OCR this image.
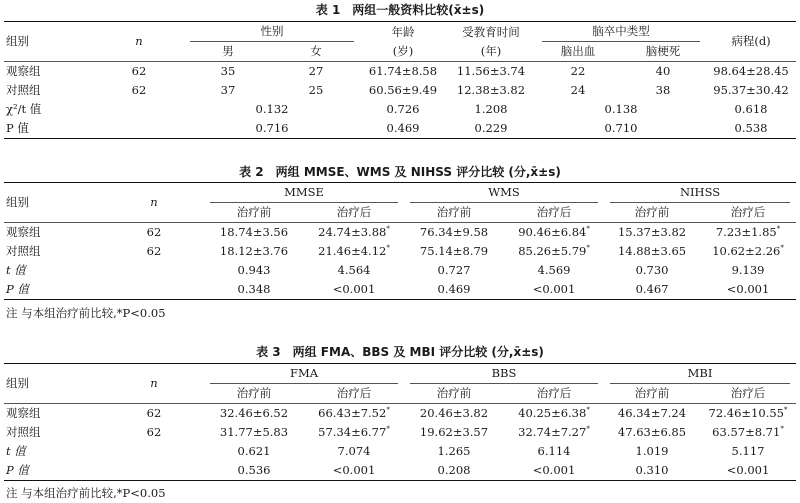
表 1　两组一般资料比较(x̄±s)
组别	n	性别		年龄	受教育时间	脑卒中类型		病程(d)
		男	女	(岁)	(年)	脑出血	脑梗死	
观察组	62	35	27	61.74±8.58	11.56±3.74	22	40	98.64±28.45
对照组	62	37	25	60.56±9.49	12.38±3.82	24	38	95.37±30.42
χ²/t 值		0.132		0.726	1.208	0.138		0.618
P 值		0.716		0.469	0.229	0.710		0.538
表 2　两组 MMSE、WMS 及 NIHSS 评分比较 (分,x̄±s)
组别	n	MMSE		WMS		NIHSS	

		治疗前	治疗后	治疗前	治疗后	治疗前	治疗后
观察组	62	18.74±3.56	24.74±3.88*	76.34±9.58	90.46±6.84*	15.37±3.82	7.23±1.85*
对照组	62	18.12±3.76	21.46±4.12*	75.14±8.79	85.26±5.79*	14.88±3.65	10.62±2.26*
t 值		0.943	4.564	0.727	4.569	0.730	9.139
P 值		0.348	<0.001	0.469	<0.001	0.467	<0.001
注 与本组治疗前比较,*P<0.05
表 3　两组 FMA、BBS 及 MBI 评分比较 (分,x̄±s)
组别	n	FMA		BBS		MBI	

		治疗前	治疗后	治疗前	治疗后	治疗前	治疗后
观察组	62	32.46±6.52	66.43±7.52*	20.46±3.82	40.25±6.38*	46.34±7.24	72.46±10.55*
对照组	62	31.77±5.83	57.34±6.77*	19.62±3.57	32.74±7.27*	47.63±6.85	63.57±8.71*
t 值		0.621	7.074	1.265	6.114	1.019	5.117
P 值		0.536	<0.001	0.208	<0.001	0.310	<0.001
注 与本组治疗前比较,*P<0.05
